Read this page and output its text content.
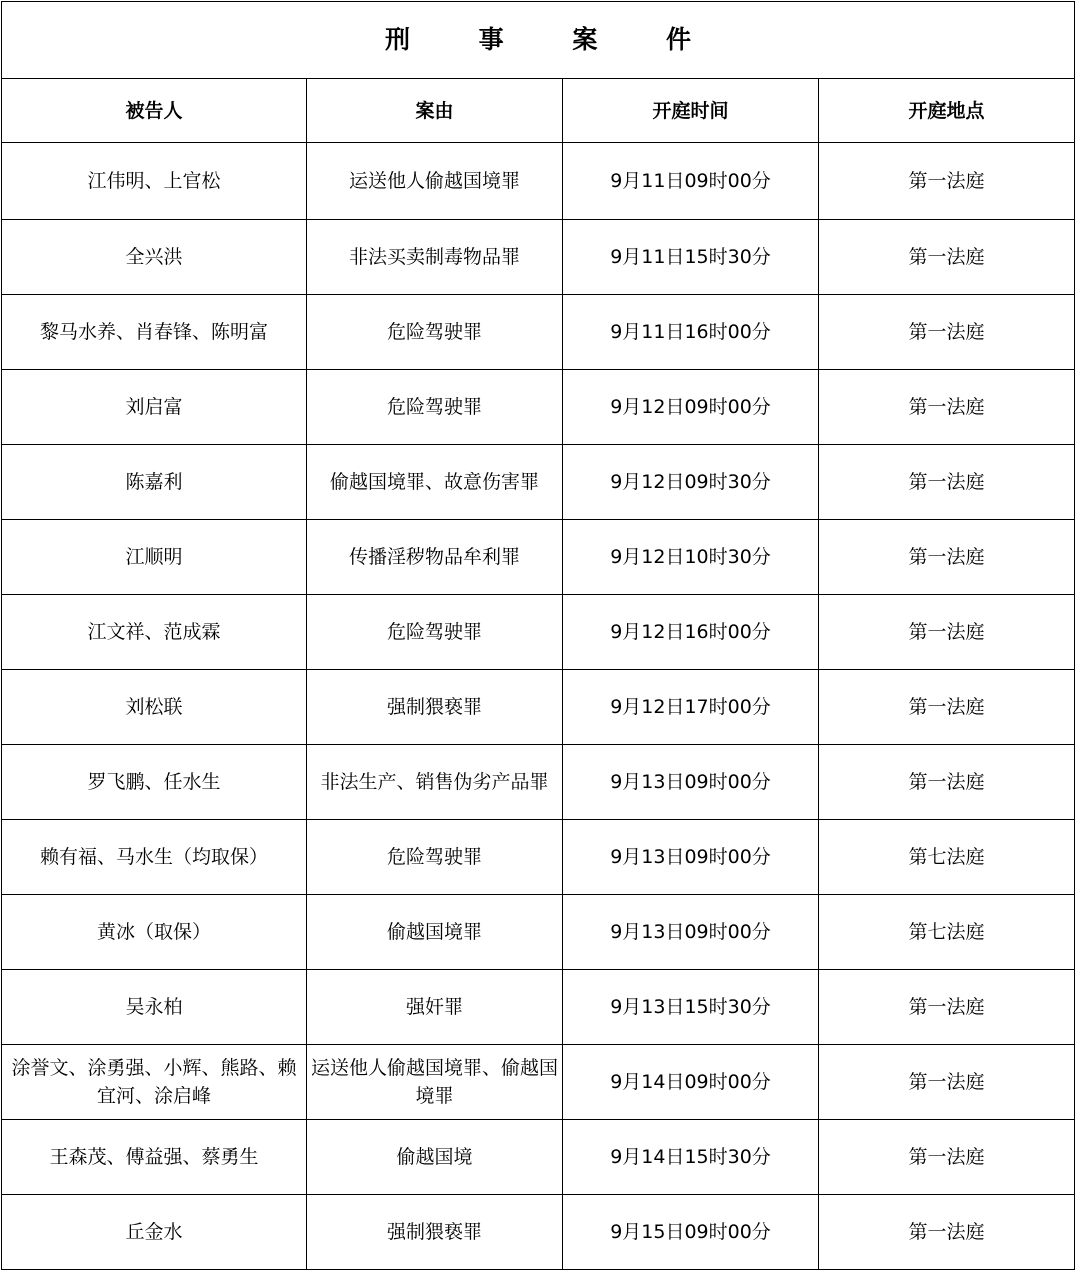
刑 事 案 件			
被告人	案由	开庭时间	开庭地点
江伟明、上官松	运送他人偷越国境罪	9月11日09时00分	第一法庭
全兴洪	非法买卖制毒物品罪	9月11日15时30分	第一法庭
黎马水养、肖春锋、陈明富	危险驾驶罪	9月11日16时00分	第一法庭
刘启富	危险驾驶罪	9月12日09时00分	第一法庭
陈嘉利	偷越国境罪、故意伤害罪	9月12日09时30分	第一法庭
江顺明	传播淫秽物品牟利罪	9月12日10时30分	第一法庭
江文祥、范成霖	危险驾驶罪	9月12日16时00分	第一法庭
刘松联	强制猥亵罪	9月12日17时00分	第一法庭
罗飞鹏、任水生	非法生产、销售伪劣产品罪	9月13日09时00分	第一法庭
赖有福、马水生（均取保）	危险驾驶罪	9月13日09时00分	第七法庭
黄冰（取保）	偷越国境罪	9月13日09时00分	第七法庭
吴永柏	强奸罪	9月13日15时30分	第一法庭
涂誉文、涂勇强、小辉、熊路、赖宜河、涂启峰	运送他人偷越国境罪、偷越国境罪	9月14日09时00分	第一法庭
王森茂、傅益强、蔡勇生	偷越国境	9月14日15时30分	第一法庭
丘金水	强制猥亵罪	9月15日09时00分	第一法庭
